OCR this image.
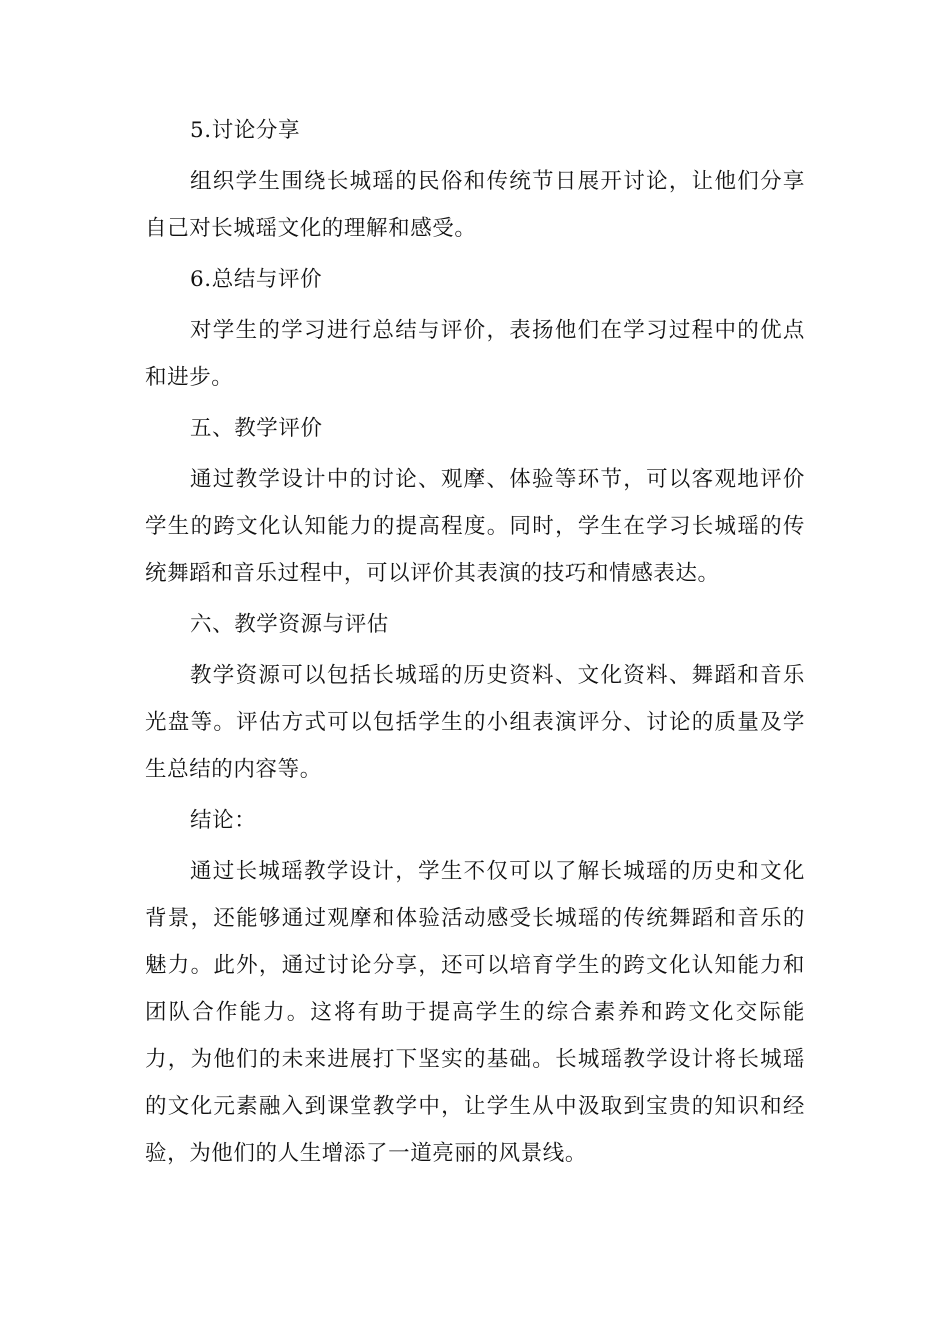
5.讨论分享

组织学生围绕长城瑶的民俗和传统节日展开讨论，让他们分享自己对长城瑶文化的理解和感受。

6.总结与评价

对学生的学习进行总结与评价，表扬他们在学习过程中的优点和进步。

五、教学评价

通过教学设计中的讨论、观摩、体验等环节，可以客观地评价学生的跨文化认知能力的提高程度。同时，学生在学习长城瑶的传统舞蹈和音乐过程中，可以评价其表演的技巧和情感表达。

六、教学资源与评估

教学资源可以包括长城瑶的历史资料、文化资料、舞蹈和音乐光盘等。评估方式可以包括学生的小组表演评分、讨论的质量及学生总结的内容等。

结论：

通过长城瑶教学设计，学生不仅可以了解长城瑶的历史和文化背景，还能够通过观摩和体验活动感受长城瑶的传统舞蹈和音乐的魅力。此外，通过讨论分享，还可以培育学生的跨文化认知能力和团队合作能力。这将有助于提高学生的综合素养和跨文化交际能力，为他们的未来进展打下坚实的基础。长城瑶教学设计将长城瑶的文化元素融入到课堂教学中，让学生从中汲取到宝贵的知识和经验，为他们的人生增添了一道亮丽的风景线。
